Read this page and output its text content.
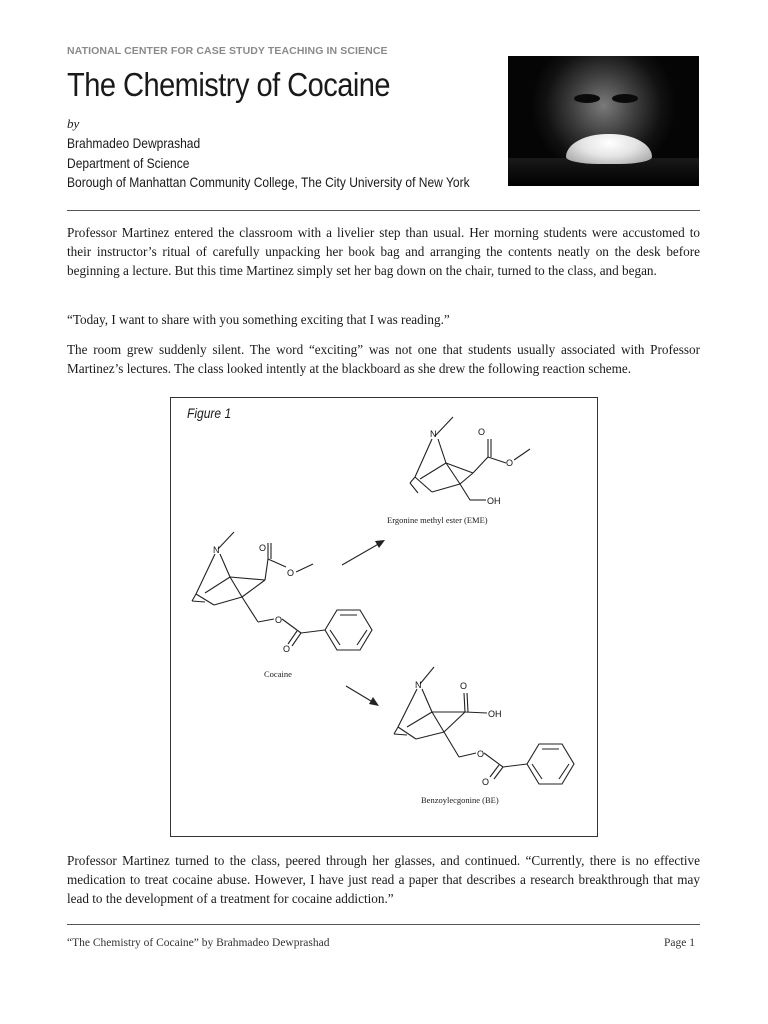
NATIONAL CENTER FOR CASE STUDY TEACHING IN SCIENCE
The Chemistry of Cocaine
by
Brahmadeo Dewprashad
Department of Science
Borough of Manhattan Community College, The City University of New York
Professor Martinez entered the classroom with a livelier step than usual. Her morning students were accustomed to their instructor’s ritual of carefully unpacking her book bag and arranging the contents neatly on the desk before beginning a lecture. But this time Martinez simply set her bag down on the chair, turned to the class, and began.
“Today, I want to share with you something exciting that I was reading.”
The room grew suddenly silent. The word “exciting” was not one that students usually associated with Professor Martinez’s lectures. The class looked intently at the blackboard as she drew the following reaction scheme.
Figure 1
N	O
O
OH
N	O
O
O
O
N	O
OH
O
O
Ergonine methyl ester (EME)
Cocaine
Benzoylecgonine (BE)
Professor Martinez turned to the class, peered through her glasses, and continued. “Currently, there is no effective medication to treat cocaine abuse. However, I have just read a paper that describes a research breakthrough that may lead to the development of a treatment for cocaine addiction.”
“The Chemistry of Cocaine” by Brahmadeo Dewprashad	Page 1
